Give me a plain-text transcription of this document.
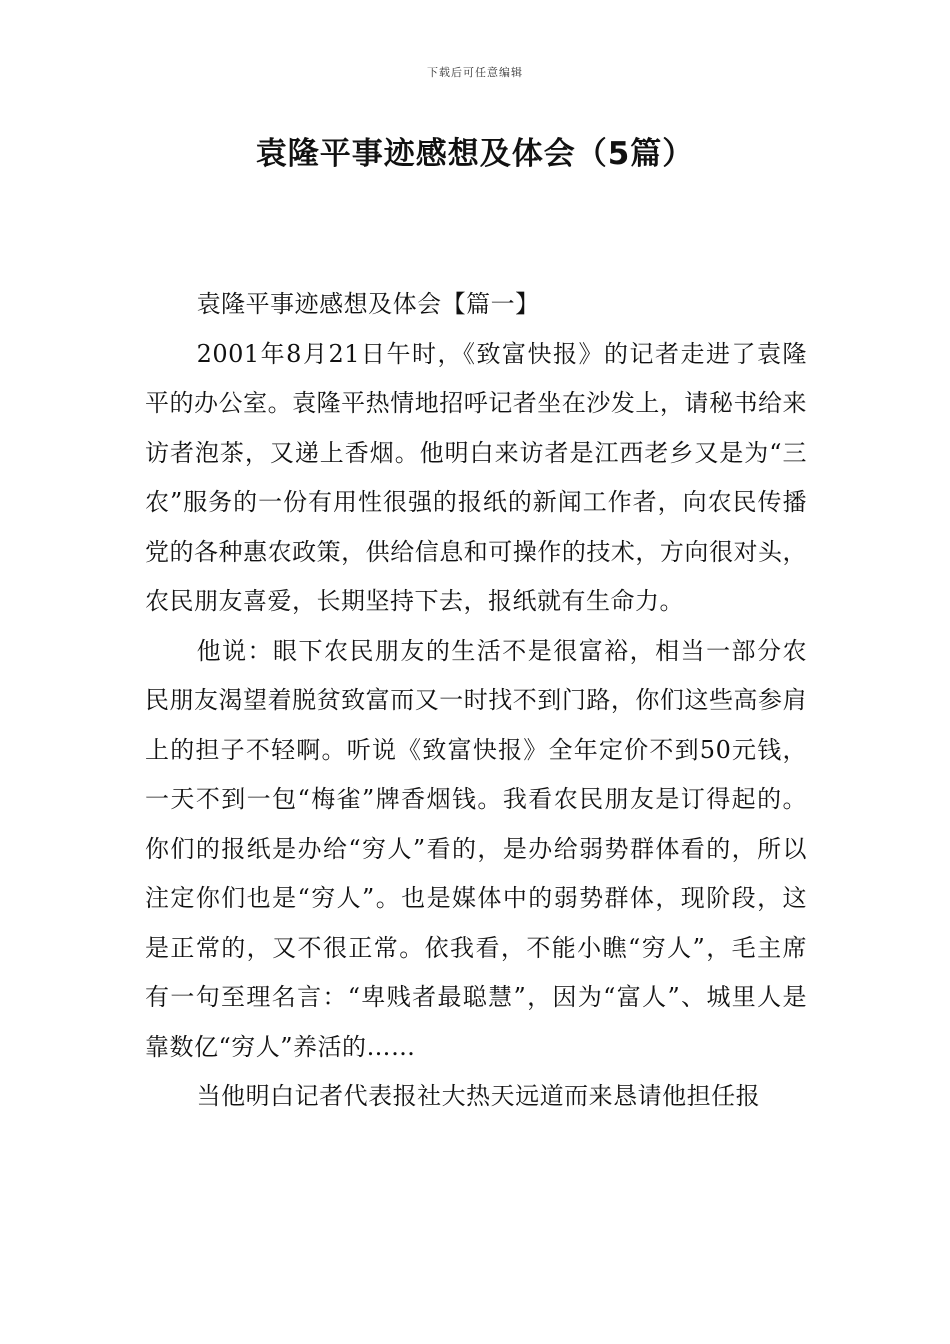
下载后可任意编辑
袁隆平事迹感想及体会（5篇）

袁隆平事迹感想及体会【篇一】

2001年8月21日午时，《致富快报》的记者走进了袁隆平的办公室。袁隆平热情地招呼记者坐在沙发上，请秘书给来访者泡茶，又递上香烟。他明白来访者是江西老乡又是为“三农”服务的一份有用性很强的报纸的新闻工作者，向农民传播党的各种惠农政策，供给信息和可操作的技术，方向很对头，农民朋友喜爱，长期坚持下去，报纸就有生命力。

他说：眼下农民朋友的生活不是很富裕，相当一部分农民朋友渴望着脱贫致富而又一时找不到门路，你们这些高参肩上的担子不轻啊。听说《致富快报》全年定价不到50元钱，一天不到一包“梅雀”牌香烟钱。我看农民朋友是订得起的。你们的报纸是办给“穷人”看的，是办给弱势群体看的，所以注定你们也是“穷人”。也是媒体中的弱势群体，现阶段，这是正常的，又不很正常。依我看，不能小瞧“穷人”，毛主席有一句至理名言：“卑贱者最聪慧”，因为“富人”、城里人是靠数亿“穷人”养活的……

当他明白记者代表报社大热天远道而来恳请他担任报
